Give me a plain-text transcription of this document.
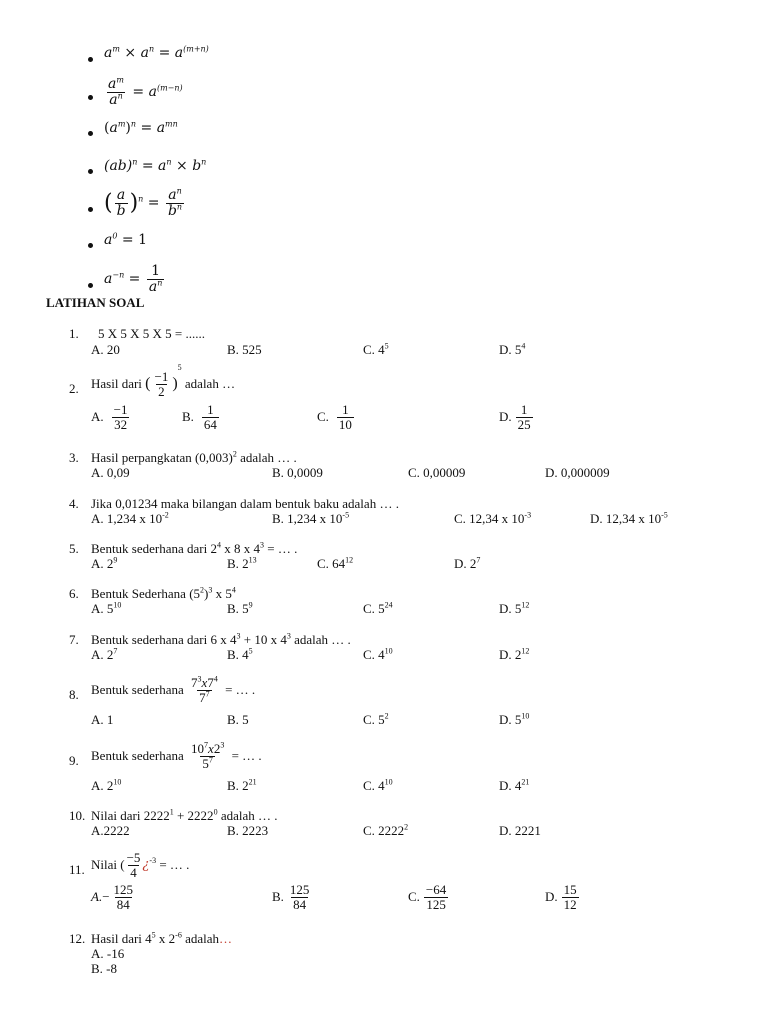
$a^m \times a^n = a^{(m+n)}$
$\frac{a^m}{a^n} = a^{(m-n)}$
$(a^m)^n = a^{mn}$
$(ab)^n = a^n \times b^n$
( $\frac{a}{b} )^n = \frac{a^n}{b^n}$
$a^0 = 1$
$a^{-n} = \frac{1}{a^n}$
LATIHAN SOAL
1. 5 X 5 X 5 X 5 = ......
A. 20	B. 525	C. $4^5$	D. $5^4$
2. Hasil dari ( $\frac{-1}{2} )^5$ adalah …
A. $\frac{-1}{32}$	B. $\frac{1}{64}$	C. $\frac{1}{10}$	D. $\frac{1}{25}$
3. Hasil perpangkatan $(0,003)^2$ adalah … .
A. 0,09	B. 0,0009	C. 0,00009	D. 0,000009
4. Jika 0,01234 maka bilangan dalam bentuk baku adalah … .
A. 1,234 x $10^{-2}$	B. 1,234 x $10^{-5}$	C. 12,34 x $10^{-3}$	D. 12,34 x $10^{-5}$
5. Bentuk sederhana dari $2^4$ x 8 x $4^3$ = … .
A. $2^9$	B. $2^{13}$	C. $64^{12}$	D. $2^7$
6. Bentuk Sederhana $(5^2)^3$ x $5^4$
A. $5^{10}$	B. $5^9$	C. $5^{24}$	D. $5^{12}$
7. Bentuk sederhana dari 6 x $4^3 + 10$ x $4^3$ adalah … .
A. $2^7$	B. $4^5$	C. $4^{10}$	D. $2^{12}$
8. Bentuk sederhana $\frac{7^3x7^4}{7^7}$ = … .
A. 1	B. 5	C. $5^2$	D. $5^{10}$
9. Bentuk sederhana $\frac{10^7x2^3}{5^7}$ = … .
A. $2^{10}$	B. $2^{21}$	C. $4^{10}$	D. $4^{21}$
10. Nilai dari $2222^1 + 2222^0$ adalah … .
A.2222	B. 2223	C. 2222$^2$	D. 2221
11. Nilai ( $\frac{-5}{4}$ ¿$^{-3}$ = … .
$A.- \frac{125}{84}$	B. $\frac{125}{84}$	C. $\frac{-64}{125}$	D. $\frac{15}{12}$
12. Hasil dari $4^5$ x $2^{-6}$ adalah…
A. -16
B. -8
